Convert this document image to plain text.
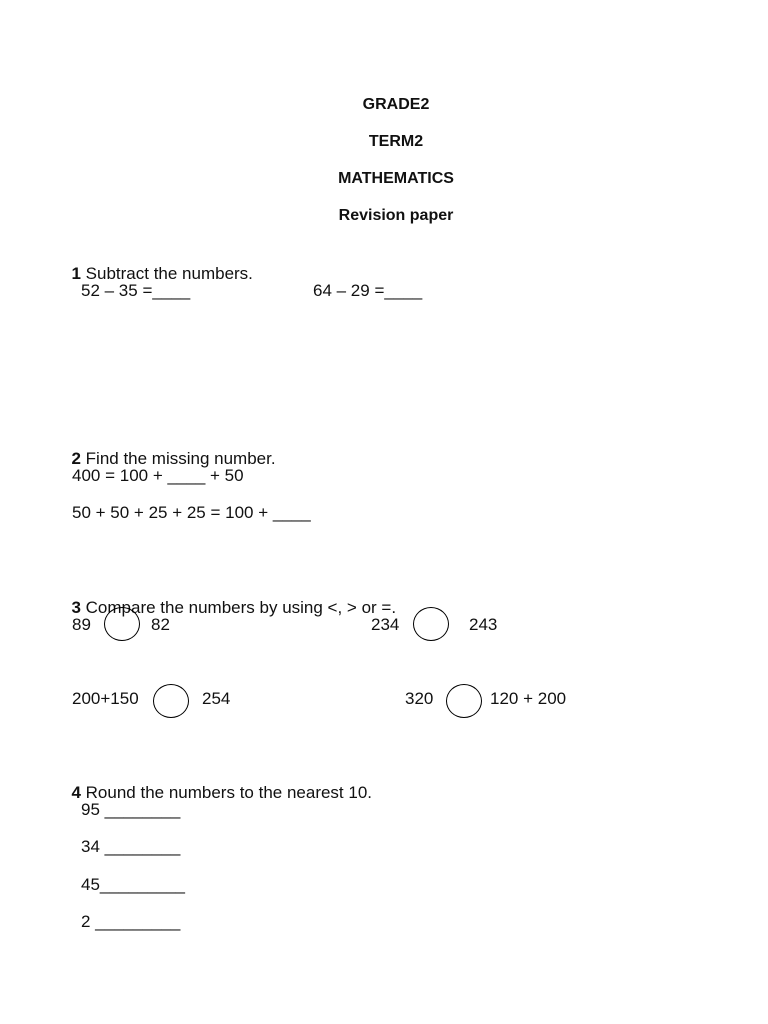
GRADE2
TERM2
MATHEMATICS
Revision paper

1 Subtract the numbers.

52 – 35 =____	64 – 29 =____

2 Find the missing number.

400 = 100 + ____ + 50
50 + 50 + 25 + 25 = 100 + ____

3 Compare the numbers by using <, > or =.

89	82	234	243
200+150	254	320	120 + 200

4 Round the numbers to the nearest 10.

95 ________
34 ________
45_________
2 _________
